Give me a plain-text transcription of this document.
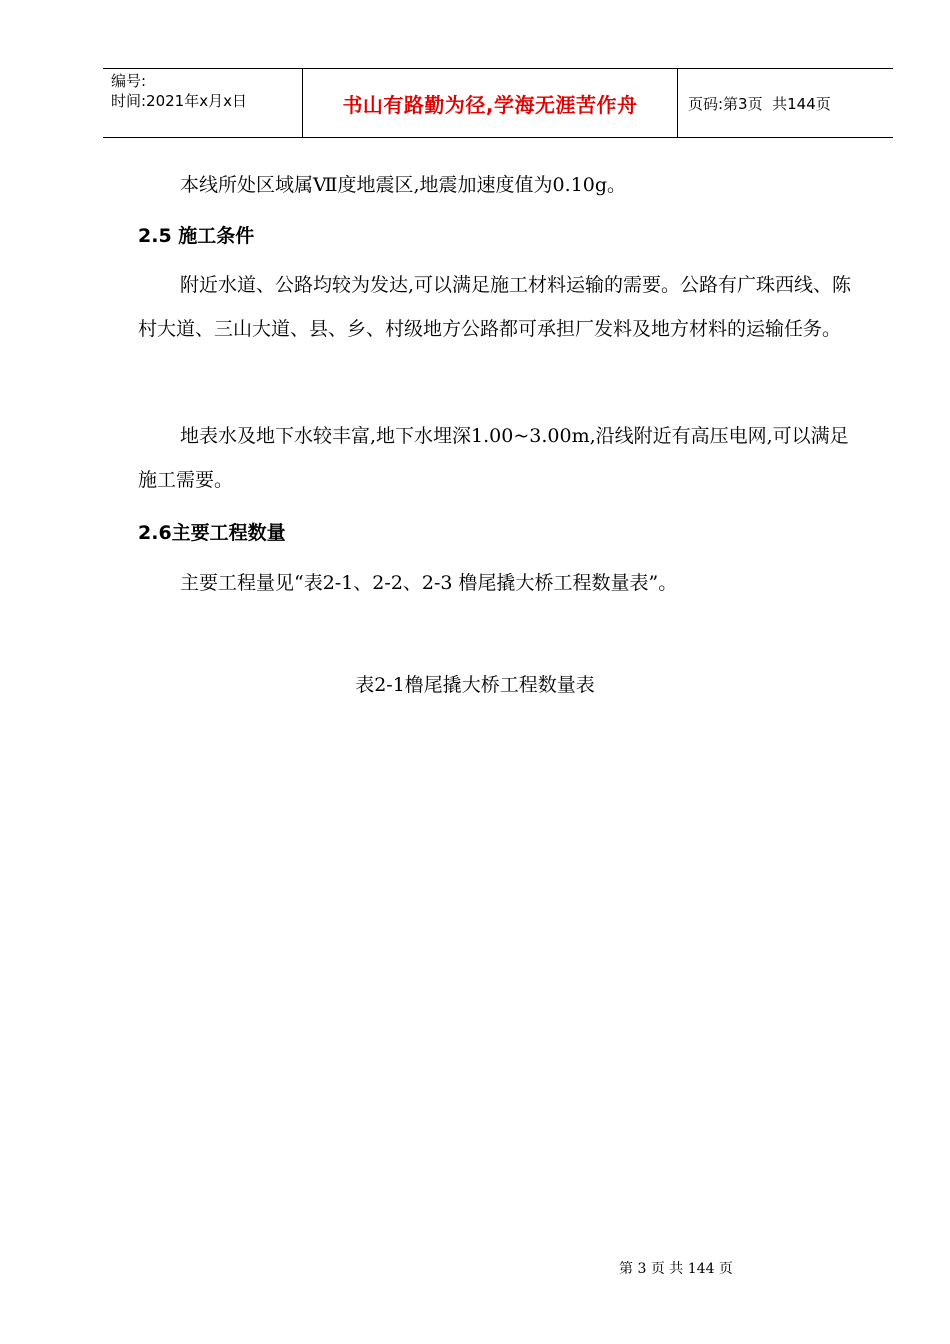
编号:
时间:2021年x月x日	书山有路勤为径,学海无涯苦作舟	页码:第3页  共144页
本线所处区域属Ⅶ度地震区,地震加速度值为0.10g。
2.5 施工条件
附近水道、公路均较为发达,可以满足施工材料运输的需要。公路有广珠西线、陈村大道、三山大道、县、乡、村级地方公路都可承担厂发料及地方材料的运输任务。
地表水及地下水较丰富,地下水埋深1.00~3.00m,沿线附近有高压电网,可以满足施工需要。
2.6主要工程数量
主要工程量见“表2-1、2-2、2-3 橹尾撬大桥工程数量表”。
表2-1橹尾撬大桥工程数量表
第 3 页 共 144 页
